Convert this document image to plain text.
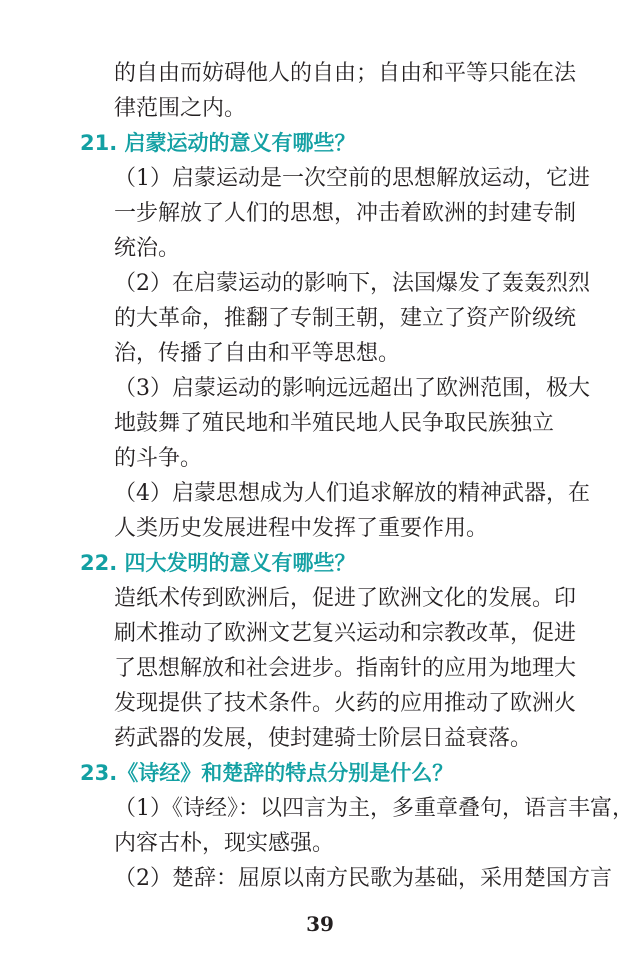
的自由而妨碍他人的自由；自由和平等只能在法
律范围之内。
21. 启蒙运动的意义有哪些？
（1）启蒙运动是一次空前的思想解放运动，它进
一步解放了人们的思想，冲击着欧洲的封建专制
统治。
（2）在启蒙运动的影响下，法国爆发了轰轰烈烈
的大革命，推翻了专制王朝，建立了资产阶级统
治，传播了自由和平等思想。
（3）启蒙运动的影响远远超出了欧洲范围，极大
地鼓舞了殖民地和半殖民地人民争取民族独立
的斗争。
（4）启蒙思想成为人们追求解放的精神武器，在
人类历史发展进程中发挥了重要作用。
22. 四大发明的意义有哪些？
造纸术传到欧洲后，促进了欧洲文化的发展。印
刷术推动了欧洲文艺复兴运动和宗教改革，促进
了思想解放和社会进步。指南针的应用为地理大
发现提供了技术条件。火药的应用推动了欧洲火
药武器的发展，使封建骑士阶层日益衰落。
23.《诗经》和楚辞的特点分别是什么？
（1）《诗经》：以四言为主，多重章叠句，语言丰富，
内容古朴，现实感强。
（2）楚辞：屈原以南方民歌为基础，采用楚国方言
39
